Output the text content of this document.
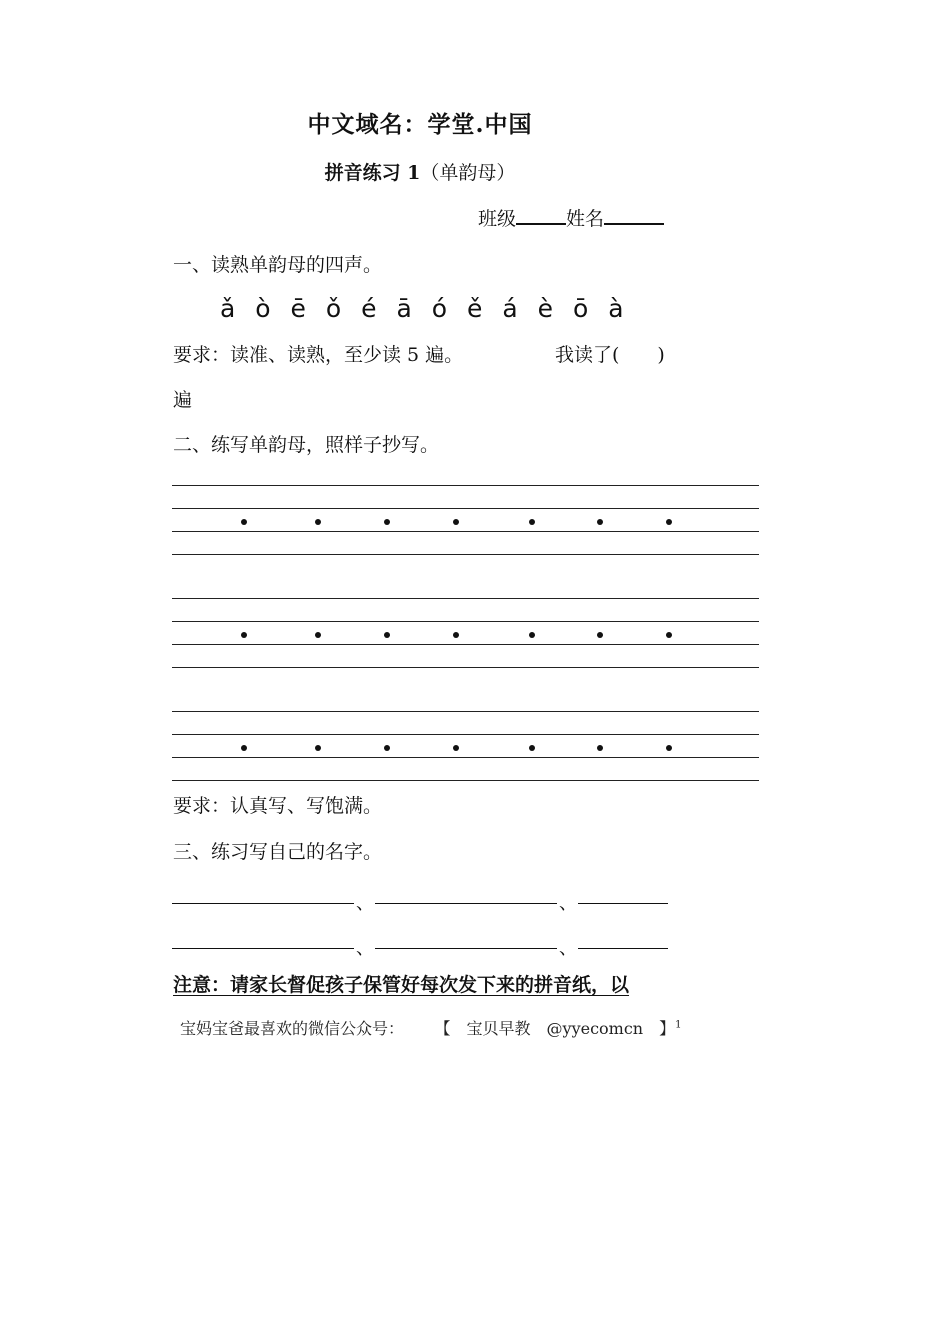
中文域名：学堂.中国
拼音练习 1（单韵母）
班级	姓名
一、读熟单韵母的四声。
ǎ ò ē ǒ é ā ó ě á è ō à
要求：读准、读熟，至少读 5 遍。	我读了(　　)
遍
二、练写单韵母，照样子抄写。
要求：认真写、写饱满。
三、练习写自己的名字。
、	、
、	、
注意：请家长督促孩子保管好每次发下来的拼音纸，以
宝妈宝爸最喜欢的微信公众号： 【　宝贝早教　@yyecomcn　】$^1$
